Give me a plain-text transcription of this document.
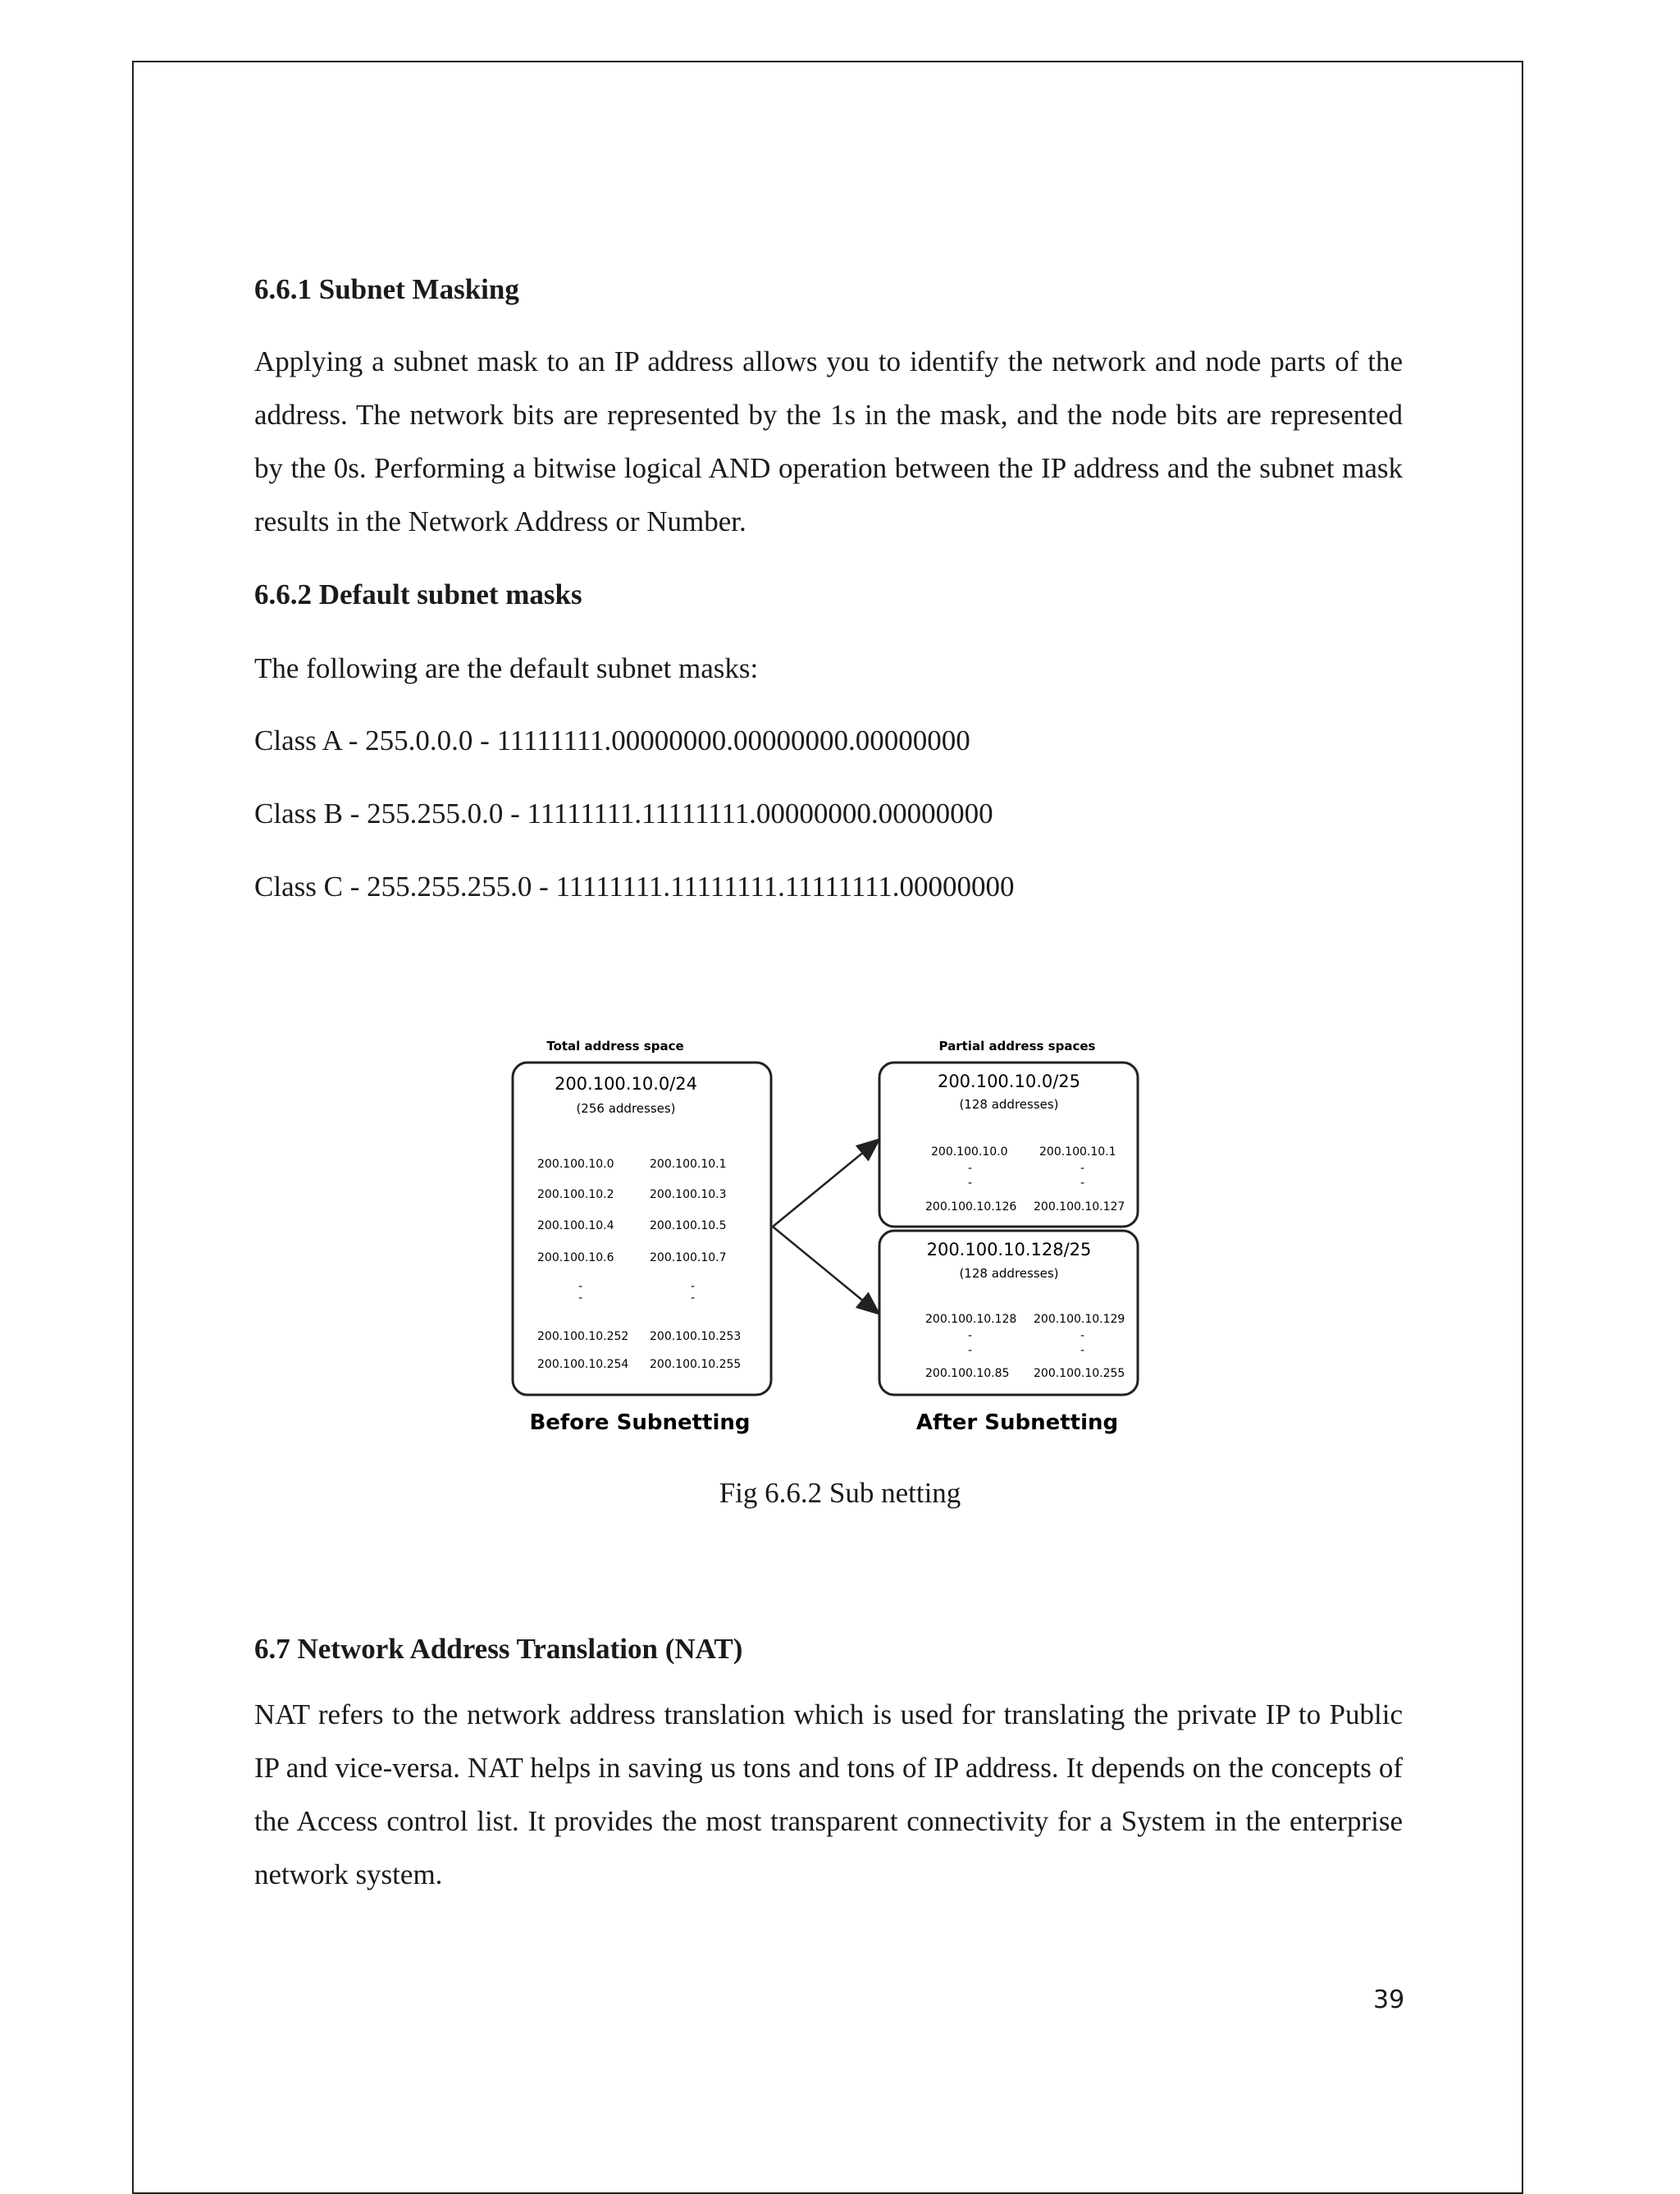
6.6.1 Subnet Masking

Applying a subnet mask to an IP address allows you to identify the network and node parts of the address. The network bits are represented by the 1s in the mask, and the node bits are represented by the 0s. Performing a bitwise logical AND operation between the IP address and the subnet mask results in the Network Address or Number.

6.6.2 Default subnet masks
The following are the default subnet masks:
Class A - 255.0.0.0 - 11111111.00000000.00000000.00000000
Class B - 255.255.0.0 - 11111111.11111111.00000000.00000000
Class C - 255.255.255.0 - 11111111.11111111.11111111.00000000
Total address space
200.100.10.0/24
(256 addresses)
200.100.10.0	200.100.10.1
200.100.10.2	200.100.10.3
200.100.10.4	200.100.10.5
200.100.10.6	200.100.10.7
-
-
-
-
200.100.10.252 200.100.10.253
200.100.10.254 200.100.10.255
Before Subnetting
Partial address spaces
200.100.10.0/25
(128 addresses)
200.100.10.0	200.100.10.1
-
-
-
-
200.100.10.126 200.100.10.127
200.100.10.128/25
(128 addresses)
200.100.10.128 200.100.10.129
-
-
-
-
200.100.10.85 200.100.10.255
After Subnetting
Fig 6.6.2 Sub netting
6.7 Network Address Translation (NAT)

NAT refers to the network address translation which is used for translating the private IP to Public IP and vice-versa. NAT helps in saving us tons and tons of IP address. It depends on the concepts of the Access control list. It provides the most transparent connectivity for a System in the enterprise network system.

39
